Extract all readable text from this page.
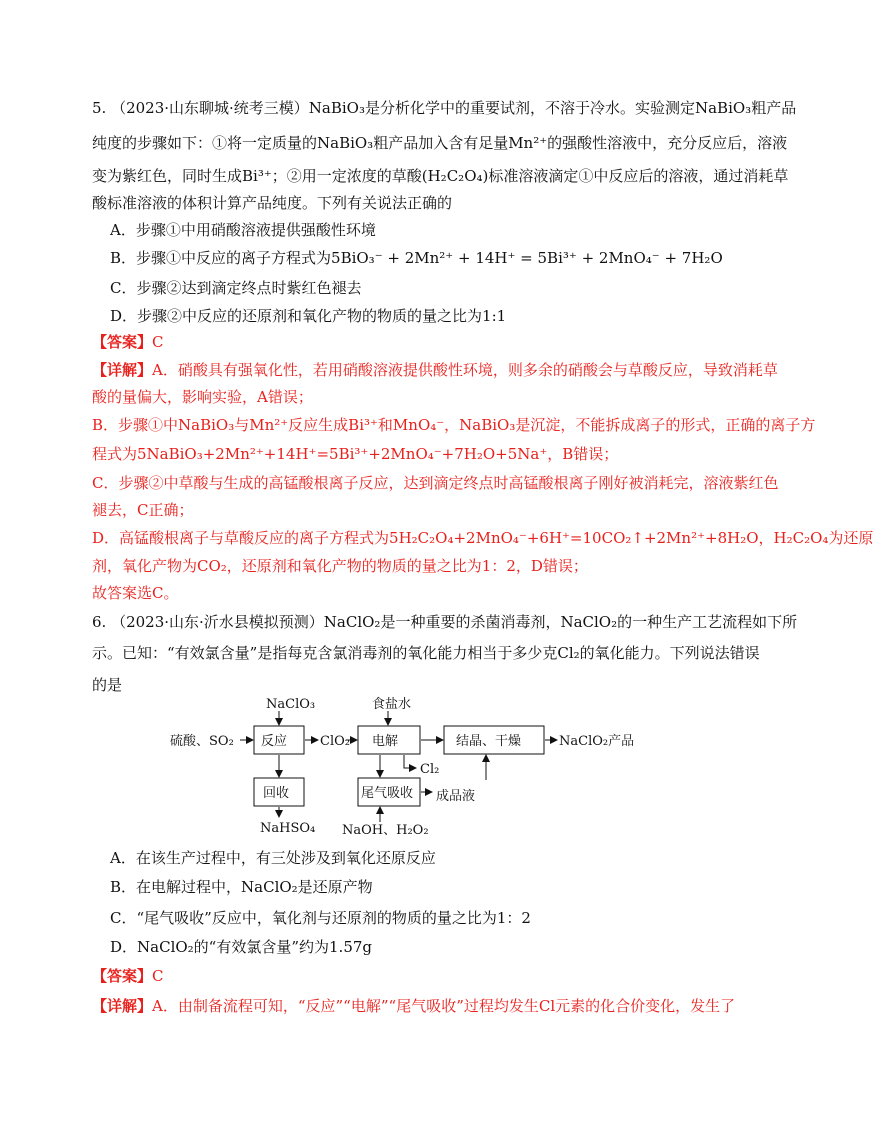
5. （2023·山东聊城·统考三模）NaBiO₃是分析化学中的重要试剂，不溶于冷水。实验测定NaBiO₃粗产品
纯度的步骤如下：①将一定质量的NaBiO₃粗产品加入含有足量Mn²⁺的强酸性溶液中，充分反应后，溶液
变为紫红色，同时生成Bi³⁺；②用一定浓度的草酸(H₂C₂O₄)标准溶液滴定①中反应后的溶液，通过消耗草
酸标准溶液的体积计算产品纯度。下列有关说法正确的
A．步骤①中用硝酸溶液提供强酸性环境
B．步骤①中反应的离子方程式为5BiO₃⁻ + 2Mn²⁺ + 14H⁺ = 5Bi³⁺ + 2MnO₄⁻ + 7H₂O
C．步骤②达到滴定终点时紫红色褪去
D．步骤②中反应的还原剂和氧化产物的物质的量之比为1:1
【答案】C
【详解】A．硝酸具有强氧化性，若用硝酸溶液提供酸性环境，则多余的硝酸会与草酸反应，导致消耗草
酸的量偏大，影响实验，A错误；
B．步骤①中NaBiO₃与Mn²⁺反应生成Bi³⁺和MnO₄⁻，NaBiO₃是沉淀，不能拆成离子的形式，正确的离子方
程式为5NaBiO₃+2Mn²⁺+14H⁺=5Bi³⁺+2MnO₄⁻+7H₂O+5Na⁺，B错误；
C．步骤②中草酸与生成的高锰酸根离子反应，达到滴定终点时高锰酸根离子刚好被消耗完，溶液紫红色
褪去，C正确；
D．高锰酸根离子与草酸反应的离子方程式为5H₂C₂O₄+2MnO₄⁻+6H⁺=10CO₂↑+2Mn²⁺+8H₂O，H₂C₂O₄为还原
剂，氧化产物为CO₂，还原剂和氧化产物的物质的量之比为1：2，D错误；
故答案选C。
6. （2023·山东·沂水县模拟预测）NaClO₂是一种重要的杀菌消毒剂，NaClO₂的一种生产工艺流程如下所
示。已知：“有效氯含量”是指每克含氯消毒剂的氧化能力相当于多少克Cl₂的氧化能力。下列说法错误
的是
NaClO₃	食盐水
硫酸、SO₂ 反应	ClO₂ 电解	结晶、干燥	NaClO₂产品
Cl₂
回收	尾气吸收 成品液
NaHSO₄ NaOH、H₂O₂
A．在该生产过程中，有三处涉及到氧化还原反应
B．在电解过程中，NaClO₂是还原产物
C．“尾气吸收”反应中，氧化剂与还原剂的物质的量之比为1：2
D．NaClO₂的“有效氯含量”约为1.57g
【答案】C
【详解】A．由制备流程可知，“反应”“电解”“尾气吸收”过程均发生Cl元素的化合价变化，发生了
